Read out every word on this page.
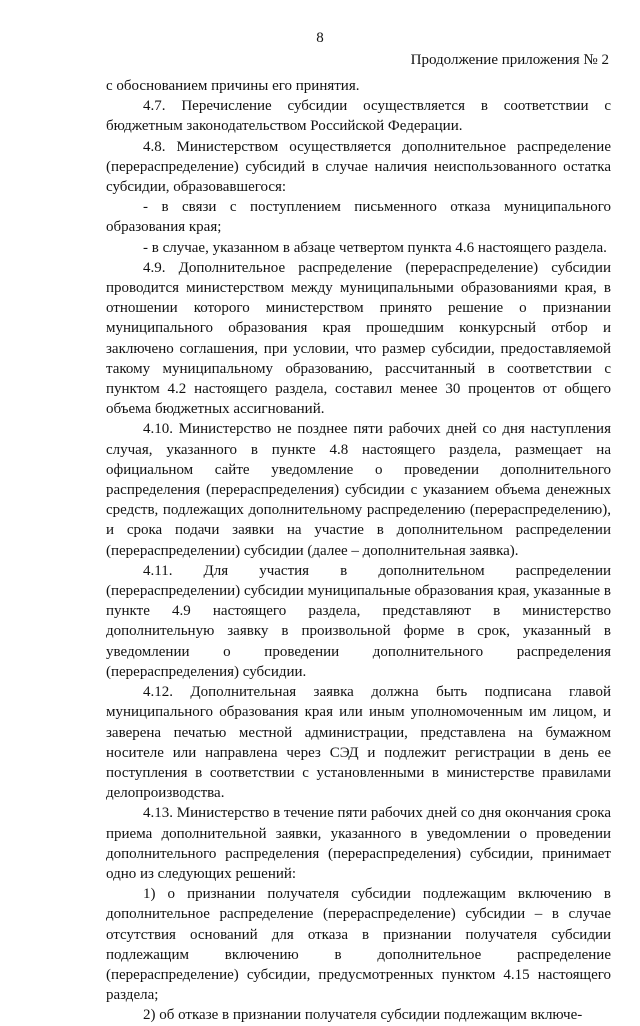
8
Продолжение приложения № 2

с обоснованием причины его принятия.

4.7. Перечисление субсидии осуществляется в соответствии с бюджетным законодательством Российской Федерации.

4.8. Министерством осуществляется дополнительное распределение (перераспределение) субсидий в случае наличия неиспользованного остатка субсидии, образовавшегося:

- в связи с поступлением письменного отказа муниципального образования края;

- в случае, указанном в абзаце четвертом пункта 4.6 настоящего раздела.

4.9. Дополнительное распределение (перераспределение) субсидии проводится министерством между муниципальными образованиями края, в отношении которого министерством принято решение о признании муниципального образования края прошедшим конкурсный отбор и заключено соглашения, при условии, что размер субсидии, предоставляемой такому муниципальному образованию, рассчитанный в соответствии с пунктом 4.2 настоящего раздела, составил менее 30 процентов от общего объема бюджетных ассигнований.

4.10. Министерство не позднее пяти рабочих дней со дня наступления случая, указанного в пункте 4.8 настоящего раздела, размещает на официальном сайте уведомление о проведении дополнительного распределения (перераспределения) субсидии с указанием объема денежных средств, подлежащих дополнительному распределению (перераспределению), и срока подачи заявки на участие в дополнительном распределении (перераспределении) субсидии (далее – дополнительная заявка).

4.11. Для участия в дополнительном распределении (перераспределении) субсидии муниципальные образования края, указанные в пункте 4.9 настоящего раздела, представляют в министерство дополнительную заявку в произвольной форме в срок, указанный в уведомлении о проведении дополнительного распределения (перераспределения) субсидии.

4.12. Дополнительная заявка должна быть подписана главой муниципального образования края или иным уполномоченным им лицом, и заверена печатью местной администрации, представлена на бумажном носителе или направлена через СЭД и подлежит регистрации в день ее поступления в соответствии с установленными в министерстве правилами делопроизводства.

4.13. Министерство в течение пяти рабочих дней со дня окончания срока приема дополнительной заявки, указанного в уведомлении о проведении дополнительного распределения (перераспределения) субсидии, принимает одно из следующих решений:

1) о признании получателя субсидии подлежащим включению в дополнительное распределение (перераспределение) субсидии – в случае отсутствия оснований для отказа в признании получателя субсидии подлежащим включению в дополнительное распределение (перераспределение) субсидии, предусмотренных пунктом 4.15 настоящего раздела;

2) об отказе в признании получателя субсидии подлежащим включе-
